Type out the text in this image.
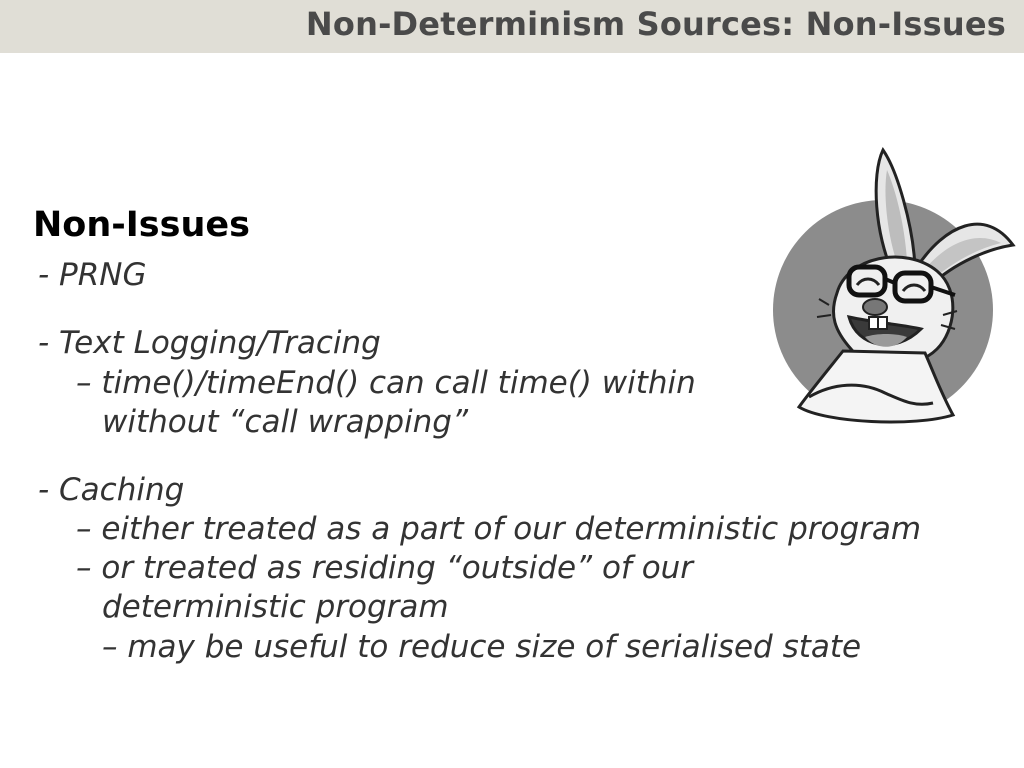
Non-Determinism Sources: Non-Issues
Non-Issues

- PRNG

- Text Logging/Tracing

– time()/timeEnd() can call time() within

without “call wrapping”

- Caching

– either treated as a part of our deterministic program

– or treated as residing “outside” of our

deterministic program

– may be useful to reduce size of serialised state
